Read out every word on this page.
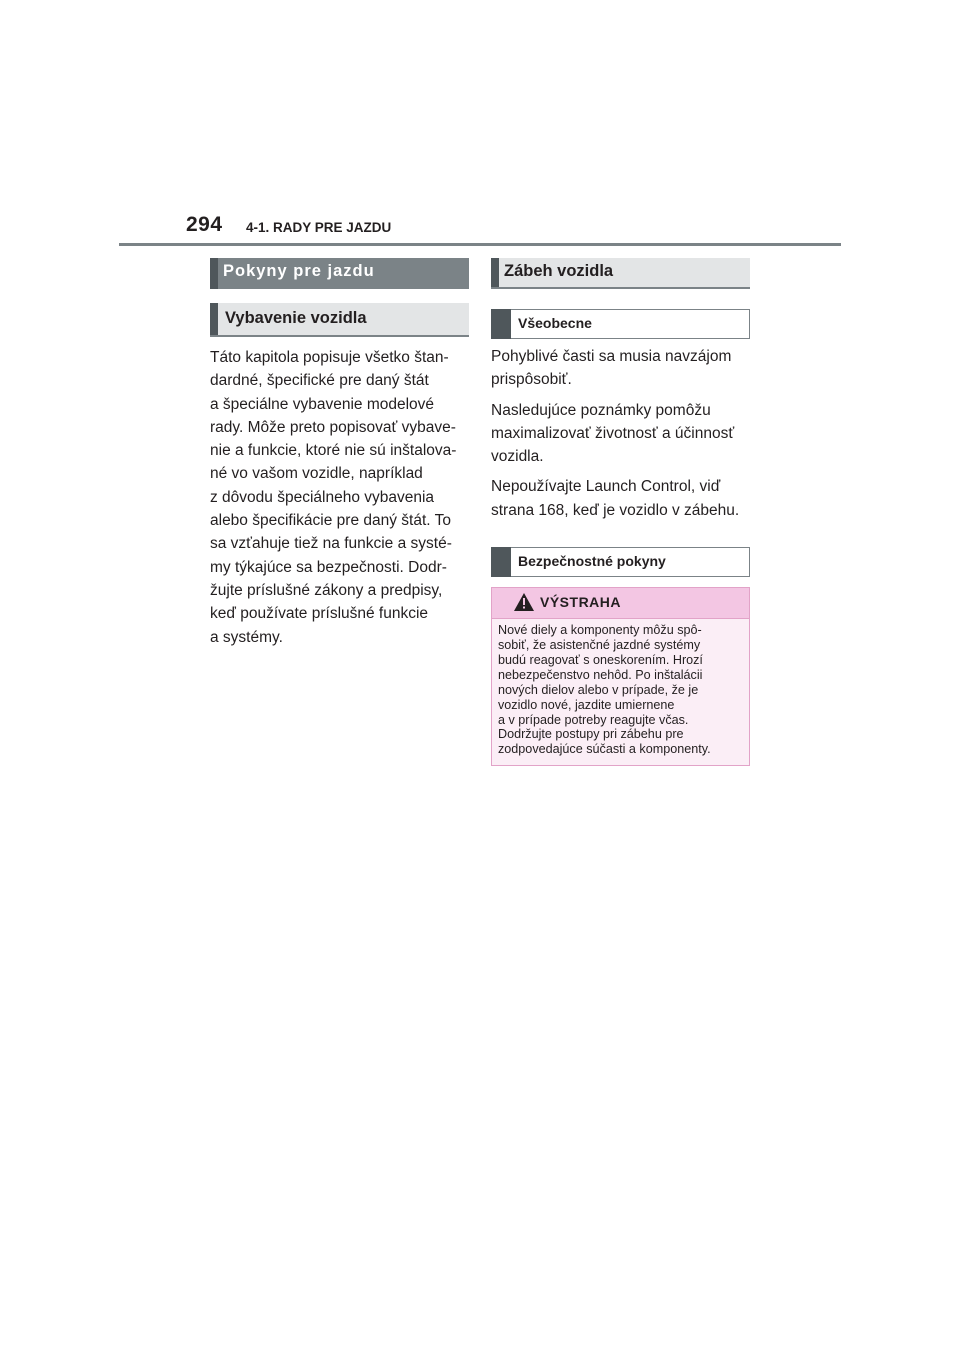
294 4-1. RADY PRE JAZDU
Pokyny pre jazdu
Vybavenie vozidla
Táto kapitola popisuje všetko štan-
dardné, špecifické pre daný štát
a špeciálne vybavenie modelové
rady. Môže preto popisovať vybave-
nie a funkcie, ktoré nie sú inštalova-
né vo vašom vozidle, napríklad
z dôvodu špeciálneho vybavenia
alebo špecifikácie pre daný štát. To
sa vzťahuje tiež na funkcie a systé-
my týkajúce sa bezpečnosti. Dodr-
žujte príslušné zákony a predpisy,
keď používate príslušné funkcie
a systémy.
Zábeh vozidla
Všeobecne
Pohyblivé časti sa musia navzájom
prispôsobiť.
Nasledujúce poznámky pomôžu
maximalizovať životnosť a účinnosť
vozidla.
Nepoužívajte Launch Control, viď
strana 168, keď je vozidlo v zábehu.
Bezpečnostné pokyny
VÝSTRAHA
Nové diely a komponenty môžu spô-
sobiť, že asistenčné jazdné systémy
budú reagovať s oneskorením. Hrozí
nebezpečenstvo nehôd. Po inštalácii
nových dielov alebo v prípade, že je
vozidlo nové, jazdite umiernene
a v prípade potreby reagujte včas.
Dodržujte postupy pri zábehu pre
zodpovedajúce súčasti a komponenty.
